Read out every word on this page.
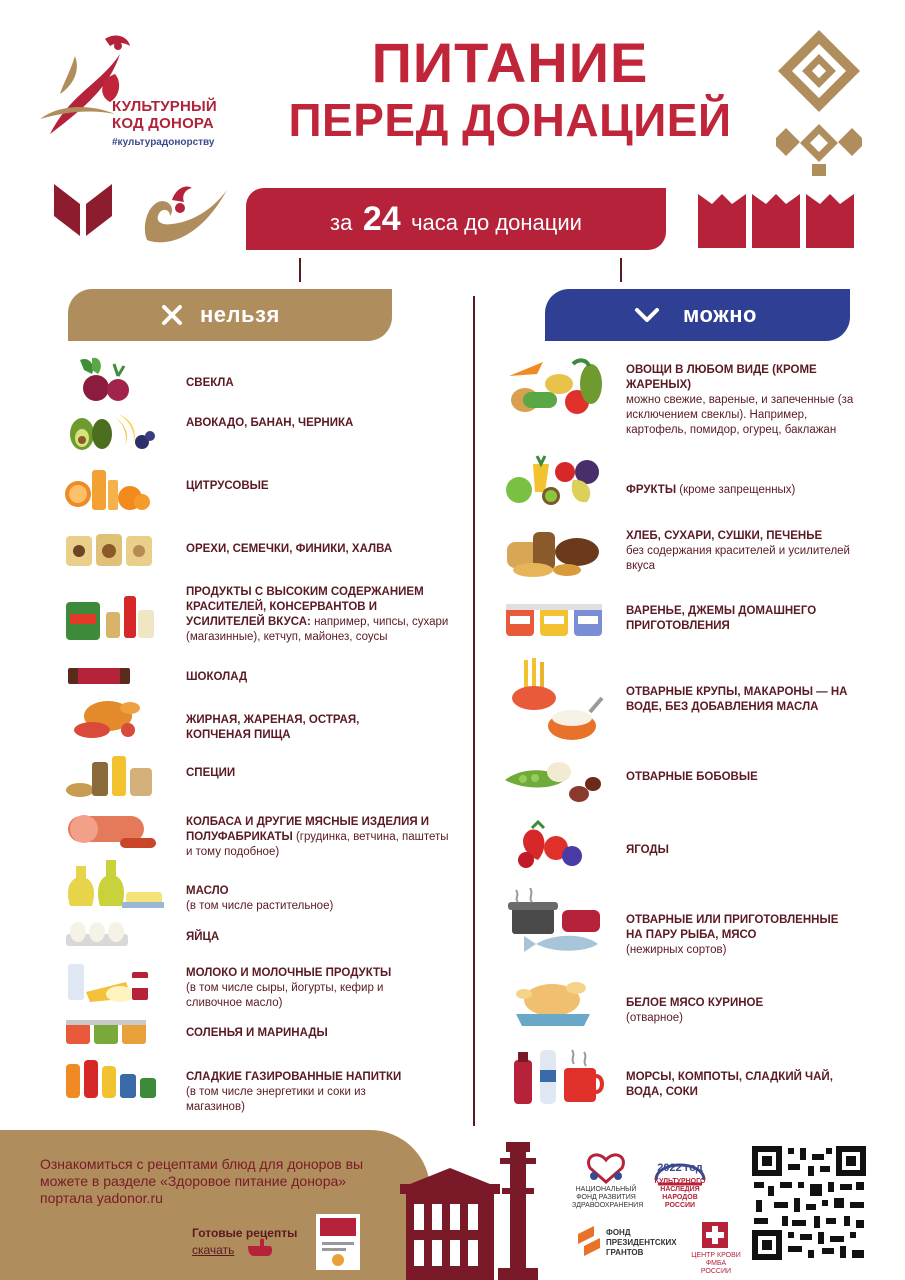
КУЛЬТУРНЫЙ
КОД ДОНОРА
#культурадонорству
ПИТАНИЕ
ПЕРЕД ДОНАЦИЕЙ
за 24 часа до донации
нельзя	можно
СВЕКЛА
АВОКАДО, БАНАН, ЧЕРНИКА
ЦИТРУСОВЫЕ
ОРЕХИ, СЕМЕЧКИ, ФИНИКИ, ХАЛВА
ПРОДУКТЫ С ВЫСОКИМ СОДЕРЖАНИЕМ КРАСИТЕЛЕЙ, КОНСЕРВАНТОВ И УСИЛИТЕЛЕЙ ВКУСА: например, чипсы, сухари (магазинные), кетчуп, майонез, соусы
ШОКОЛАД
ЖИРНАЯ, ЖАРЕНАЯ, ОСТРАЯ, КОПЧЕНАЯ ПИЩА
СПЕЦИИ
КОЛБАСА И ДРУГИЕ МЯСНЫЕ ИЗДЕЛИЯ И ПОЛУФАБРИКАТЫ (грудинка, ветчина, паштеты и тому подобное)
МАСЛО
(в том числе растительное)
ЯЙЦА
МОЛОКО И МОЛОЧНЫЕ ПРОДУКТЫ
(в том числе сыры, йогурты, кефир и сливочное масло)
СОЛЕНЬЯ И МАРИНАДЫ
СЛАДКИЕ ГАЗИРОВАННЫЕ НАПИТКИ
(в том числе энергетики и соки из магазинов)
ОВОЩИ В ЛЮБОМ ВИДЕ (КРОМЕ ЖАРЕНЫХ)
можно свежие, вареные, и запеченные (за исключением свеклы). Например, картофель, помидор, огурец, баклажан
ФРУКТЫ (кроме запрещенных)
ХЛЕБ, СУХАРИ, СУШКИ, ПЕЧЕНЬЕ
без содержания красителей и усилителей вкуса
ВАРЕНЬЕ, ДЖЕМЫ ДОМАШНЕГО ПРИГОТОВЛЕНИЯ
ОТВАРНЫЕ КРУПЫ, МАКАРОНЫ — НА ВОДЕ, БЕЗ ДОБАВЛЕНИЯ МАСЛА
ОТВАРНЫЕ БОБОВЫЕ
ЯГОДЫ
ОТВАРНЫЕ ИЛИ ПРИГОТОВЛЕННЫЕ НА ПАРУ РЫБА, МЯСО
(нежирных сортов)
БЕЛОЕ МЯСО КУРИНОЕ
(отварное)
МОРСЫ, КОМПОТЫ, СЛАДКИЙ ЧАЙ, ВОДА, СОКИ
Ознакомиться с рецептами блюд для доноров вы можете в разделе «Здоровое питание донора» портала yadonor.ru
Готовые рецепты
скачать
НАЦИОНАЛЬНЫЙ ФОНД РАЗВИТИЯ ЗДРАВООХРАНЕНИЯ
2022 год
КУЛЬТУРНОГО НАСЛЕДИЯ НАРОДОВ РОССИИ
ФОНД ПРЕЗИДЕНТСКИХ ГРАНТОВ	ЦЕНТР КРОВИ ФМБА РОССИИ
